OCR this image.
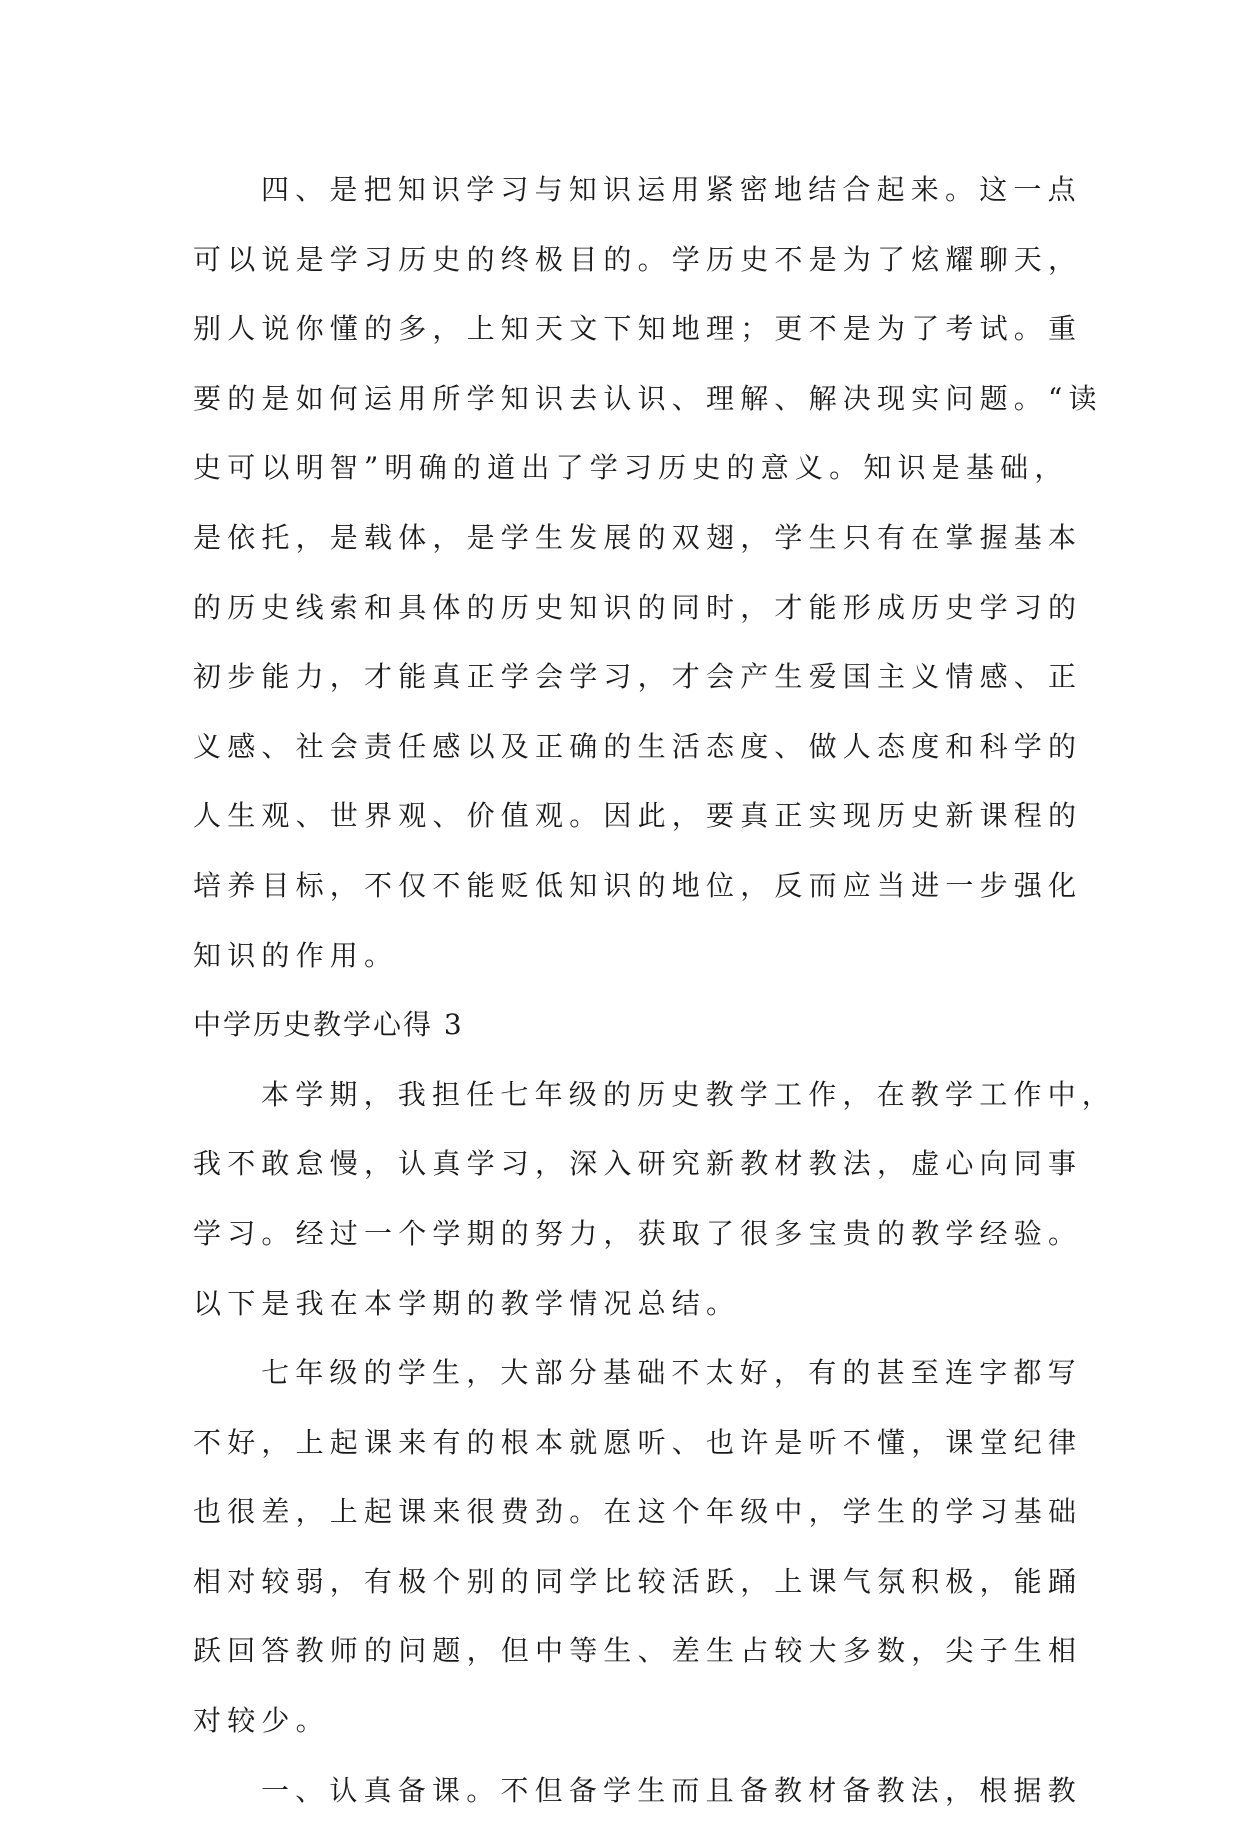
四、是把知识学习与知识运用紧密地结合起来。这一点
可以说是学习历史的终极目的。学历史不是为了炫耀聊天，
别人说你懂的多，上知天文下知地理；更不是为了考试。重
要的是如何运用所学知识去认识、理解、解决现实问题。“读
史可以明智”明确的道出了学习历史的意义。知识是基础，
是依托，是载体，是学生发展的双翅，学生只有在掌握基本
的历史线索和具体的历史知识的同时，才能形成历史学习的
初步能力，才能真正学会学习，才会产生爱国主义情感、正
义感、社会责任感以及正确的生活态度、做人态度和科学的
人生观、世界观、价值观。因此，要真正实现历史新课程的
培养目标，不仅不能贬低知识的地位，反而应当进一步强化
知识的作用。
中学历史教学心得 3
本学期，我担任七年级的历史教学工作，在教学工作中，
我不敢怠慢，认真学习，深入研究新教材教法，虚心向同事
学习。经过一个学期的努力，获取了很多宝贵的教学经验。
以下是我在本学期的教学情况总结。
七年级的学生，大部分基础不太好，有的甚至连字都写
不好，上起课来有的根本就愿听、也许是听不懂，课堂纪律
也很差，上起课来很费劲。在这个年级中，学生的学习基础
相对较弱，有极个别的同学比较活跃，上课气氛积极，能踊
跃回答教师的问题，但中等生、差生占较大多数，尖子生相
对较少。
一、认真备课。不但备学生而且备教材备教法，根据教
